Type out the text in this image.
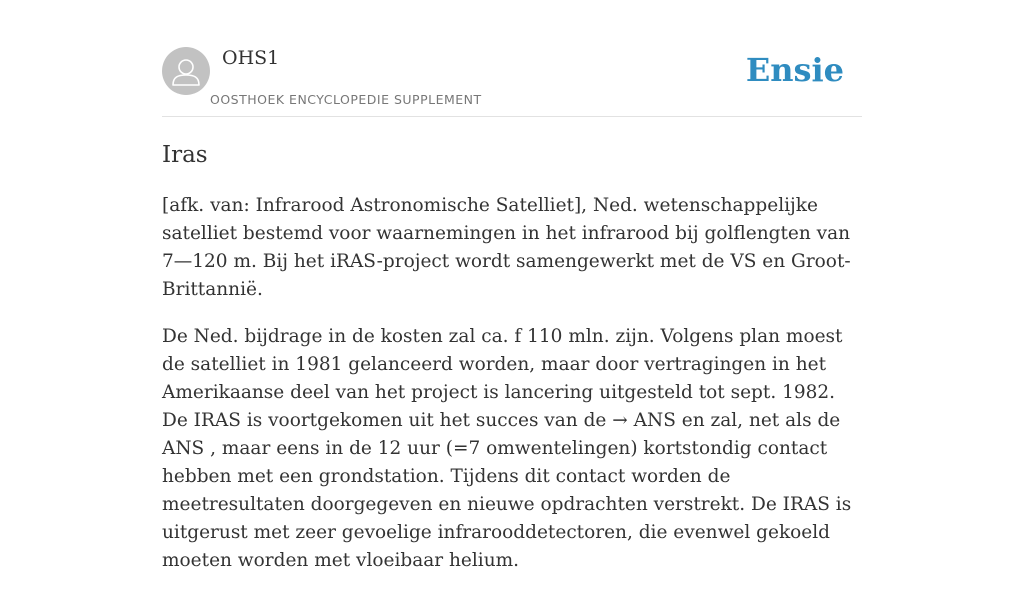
OHS1
OOSTHOEK ENCYCLOPEDIE SUPPLEMENT
Ensie
Iras

[afk. van: Infrarood Astronomische Satelliet], Ned. wetenschappelijke satelliet bestemd voor waarnemingen in het infrarood bij golflengten van 7—120 m. Bij het iRAS-project wordt samengewerkt met de VS en Groot-Brittannië.

De Ned. bijdrage in de kosten zal ca. f 110 mln. zijn. Volgens plan moest de satelliet in 1981 gelanceerd worden, maar door vertragingen in het Amerikaanse deel van het project is lancering uitgesteld tot sept. 1982. De IRAS is voortgekomen uit het succes van de → ANS en zal, net als de ANS , maar eens in de 12 uur (=7 omwentelingen) kortstondig contact hebben met een grondstation. Tijdens dit contact worden de meetresultaten doorgegeven en nieuwe opdrachten verstrekt. De IRAS is uitgerust met zeer gevoelige infrarooddetectoren, die evenwel gekoeld moeten worden met vloeibaar helium.
